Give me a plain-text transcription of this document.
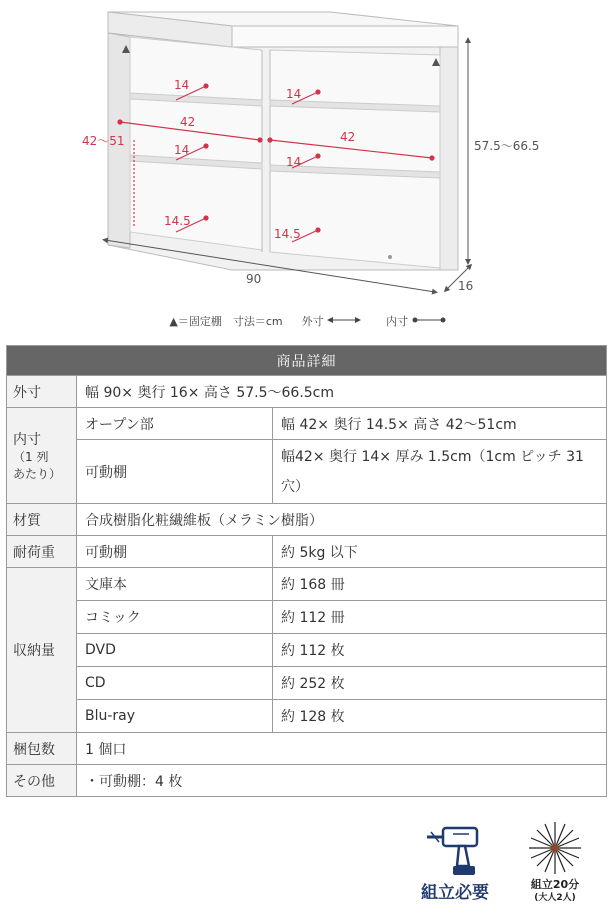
57.5〜66.5
90	16
42〜51
42
42
14
14
14.5
14
14
14.5
▲＝固定棚 寸法＝cm 外寸	内寸
商品詳細		
外寸	幅 90× 奥行 16× 高さ 57.5〜66.5cm	
内寸
（1 列
あたり）	オープン部	幅 42× 奥行 14.5× 高さ 42〜51cm
	可動棚	幅42× 奥行 14× 厚み 1.5cm（1cm ピッチ 31 穴）
材質	合成樹脂化粧繊維板（メラミン樹脂）	
耐荷重	可動棚	約 5kg 以下
収納量	文庫本	約 168 冊
	コミック	約 112 冊
	DVD	約 112 枚
	CD	約 252 枚
	Blu-ray	約 128 枚
梱包数	1 個口	
その他	・可動棚：4 枚	
組立必要	組立20分
(大人2人)
